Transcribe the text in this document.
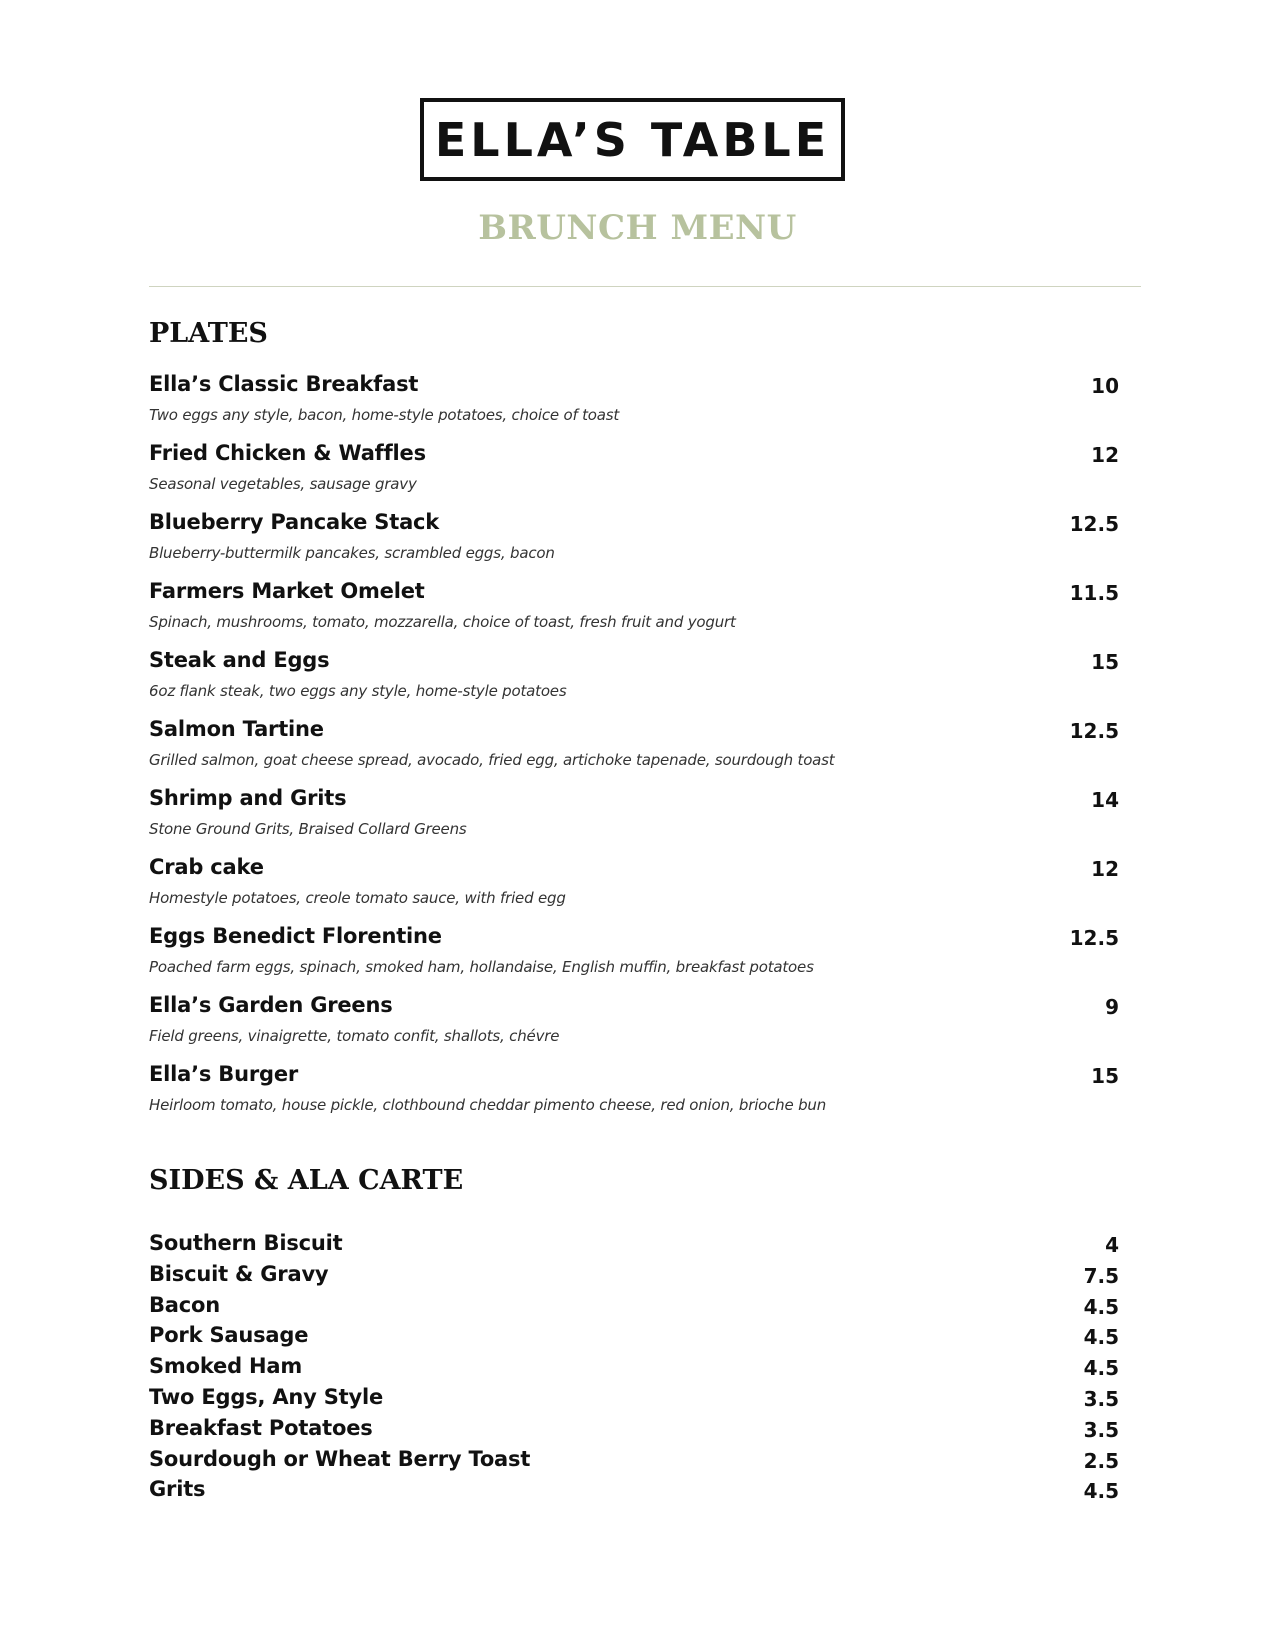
ELLA’S TABLE
BRUNCH MENU
PLATES
Ella’s Classic Breakfast	10
Two eggs any style, bacon, home-style potatoes, choice of toast
Fried Chicken & Waffles	12
Seasonal vegetables, sausage gravy
Blueberry Pancake Stack	12.5
Blueberry-buttermilk pancakes, scrambled eggs, bacon
Farmers Market Omelet	11.5
Spinach, mushrooms, tomato, mozzarella, choice of toast, fresh fruit and yogurt
Steak and Eggs	15
6oz flank steak, two eggs any style, home-style potatoes
Salmon Tartine	12.5
Grilled salmon, goat cheese spread, avocado, fried egg, artichoke tapenade, sourdough toast
Shrimp and Grits	14
Stone Ground Grits, Braised Collard Greens
Crab cake	12
Homestyle potatoes, creole tomato sauce, with fried egg
Eggs Benedict Florentine	12.5
Poached farm eggs, spinach, smoked ham, hollandaise, English muffin, breakfast potatoes
Ella’s Garden Greens	9
Field greens, vinaigrette, tomato confit, shallots, chévre
Ella’s Burger	15
Heirloom tomato, house pickle, clothbound cheddar pimento cheese, red onion, brioche bun
SIDES & ALA CARTE
Southern Biscuit	4
Biscuit & Gravy	7.5
Bacon	4.5
Pork Sausage	4.5
Smoked Ham	4.5
Two Eggs, Any Style	3.5
Breakfast Potatoes	3.5
Sourdough or Wheat Berry Toast	2.5
Grits	4.5
